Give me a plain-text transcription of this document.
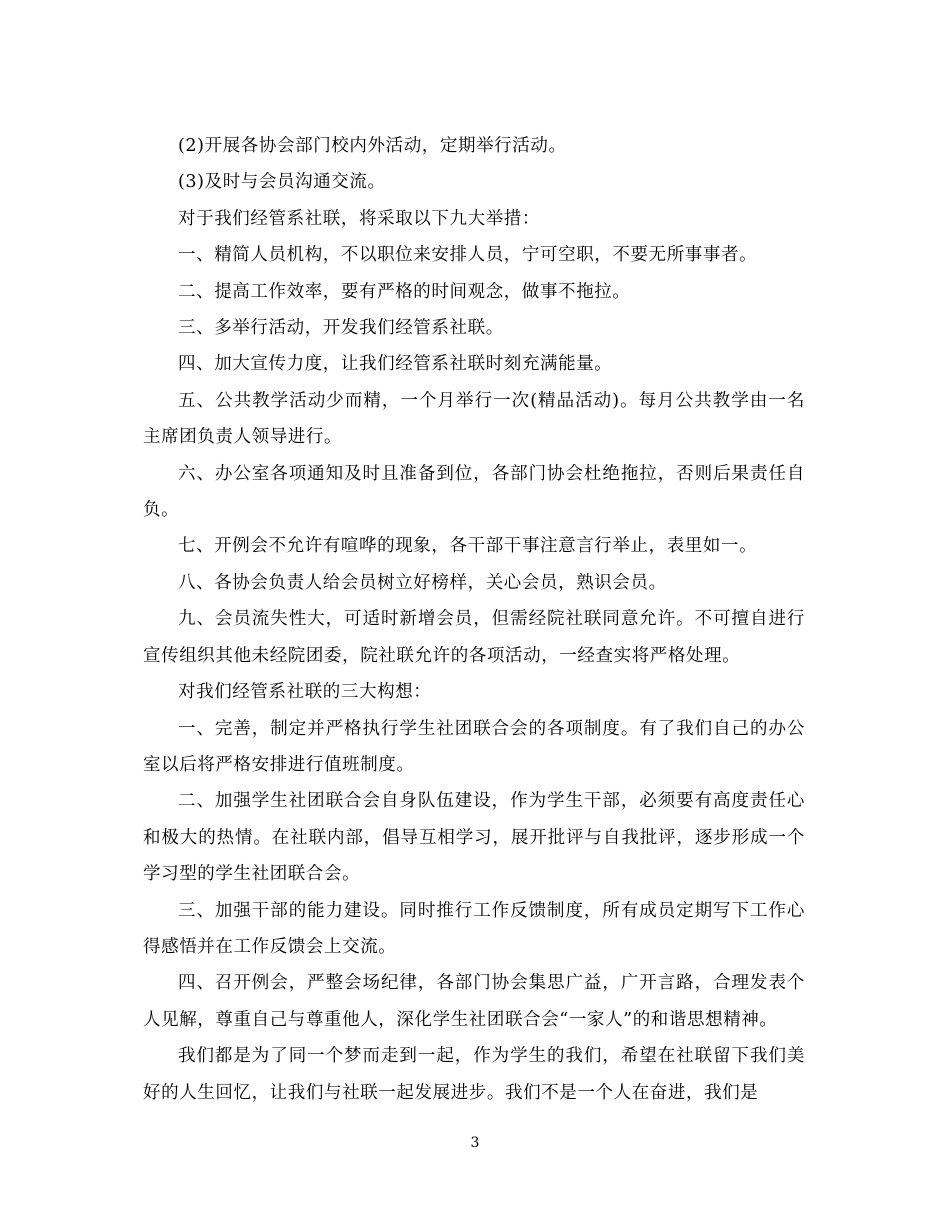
(2)开展各协会部门校内外活动，定期举行活动。

(3)及时与会员沟通交流。

对于我们经管系社联，将采取以下九大举措：

一、精简人员机构，不以职位来安排人员，宁可空职，不要无所事事者。

二、提高工作效率，要有严格的时间观念，做事不拖拉。

三、多举行活动，开发我们经管系社联。

四、加大宣传力度，让我们经管系社联时刻充满能量。

五、公共教学活动少而精，一个月举行一次(精品活动)。每月公共教学由一名主席团负责人领导进行。

六、办公室各项通知及时且准备到位，各部门协会杜绝拖拉，否则后果责任自负。

七、开例会不允许有喧哗的现象，各干部干事注意言行举止，表里如一。

八、各协会负责人给会员树立好榜样，关心会员，熟识会员。

九、会员流失性大，可适时新增会员，但需经院社联同意允许。不可擅自进行宣传组织其他未经院团委，院社联允许的各项活动，一经查实将严格处理。

对我们经管系社联的三大构想：

一、完善，制定并严格执行学生社团联合会的各项制度。有了我们自己的办公室以后将严格安排进行值班制度。

二、加强学生社团联合会自身队伍建设，作为学生干部，必须要有高度责任心和极大的热情。在社联内部，倡导互相学习，展开批评与自我批评，逐步形成一个学习型的学生社团联合会。

三、加强干部的能力建设。同时推行工作反馈制度，所有成员定期写下工作心得感悟并在工作反馈会上交流。

四、召开例会，严整会场纪律，各部门协会集思广益，广开言路，合理发表个人见解，尊重自己与尊重他人，深化学生社团联合会“一家人”的和谐思想精神。

我们都是为了同一个梦而走到一起，作为学生的我们，希望在社联留下我们美好的人生回忆，让我们与社联一起发展进步。我们不是一个人在奋进，我们是

3
